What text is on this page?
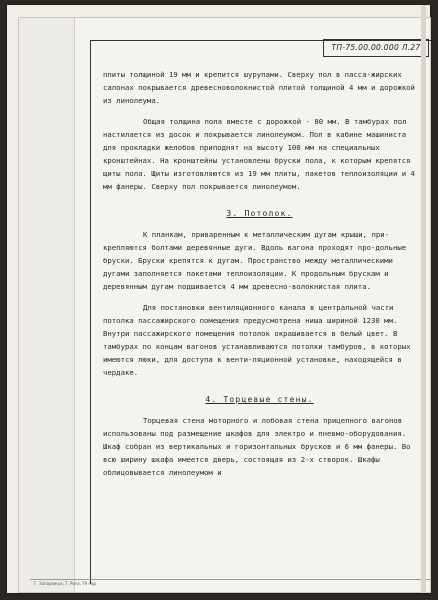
ТП-75.00.00.000 Л.27

плиты толщиной 19 мм и крепится шурупами. Сверху пол в пасса-жирских салонах покрывается древесноволокнистой плитой толщиной 4 мм и дорожкой из линолеума.

Общая толщина пола вместе с дорожкой - 80 мм. В тамбурах пол настилается из досок и покрывается линолеумом. Пол в кабине машиниста для прокладки желобов приподнят на высоту 100 мм на специальных кронштейнах. На кронштейны установлены бруски пола, к которым крепятся щиты пола. Щиты изготовляются из 19 мм плиты, пакетов теплоизоляции и 4 мм фанеры. Сверху пол покрывается линолеумом.

3. Потолок.

К планкам, приваренным к металлическим дугам крыши, при-крепляются болтами деревянные дуги. Вдоль вагона проходят про-дольные бруски. Бруски крепятся к дугам. Пространство между металлическими дугами заполняется пакетами теплоизоляции. К продольным брускам и деревянным дугам подшивается 4 мм древесно-волокнистая плита.

Для постановки вентиляционного канала в центральной части потолка пассажирского помещения предусмотрена ниша шириной 1230 мм. Внутри пассажирского помещения потолок окрашивается в белый цвет. В тамбурах по концам вагонов устанавливаются потолки тамбуров, в которых имеются люки, для доступа к венти-ляционной установке, находящейся в чердаке.

4. Торцевые стены.

Торцевая стена моторного и лобовая стена прицепного вагонов использованы под размещение шкафов для электро и пневмо-оборудования. Шкаф собран из вертикальных и горизонтальных брусков и 6 мм фанеры. Во всю ширину шкафа имеется дверь, состоящая из 2-х створок. Шкафы облицовывается линолеумом и

Г. Запорожье, Т. Рига, 79 год
